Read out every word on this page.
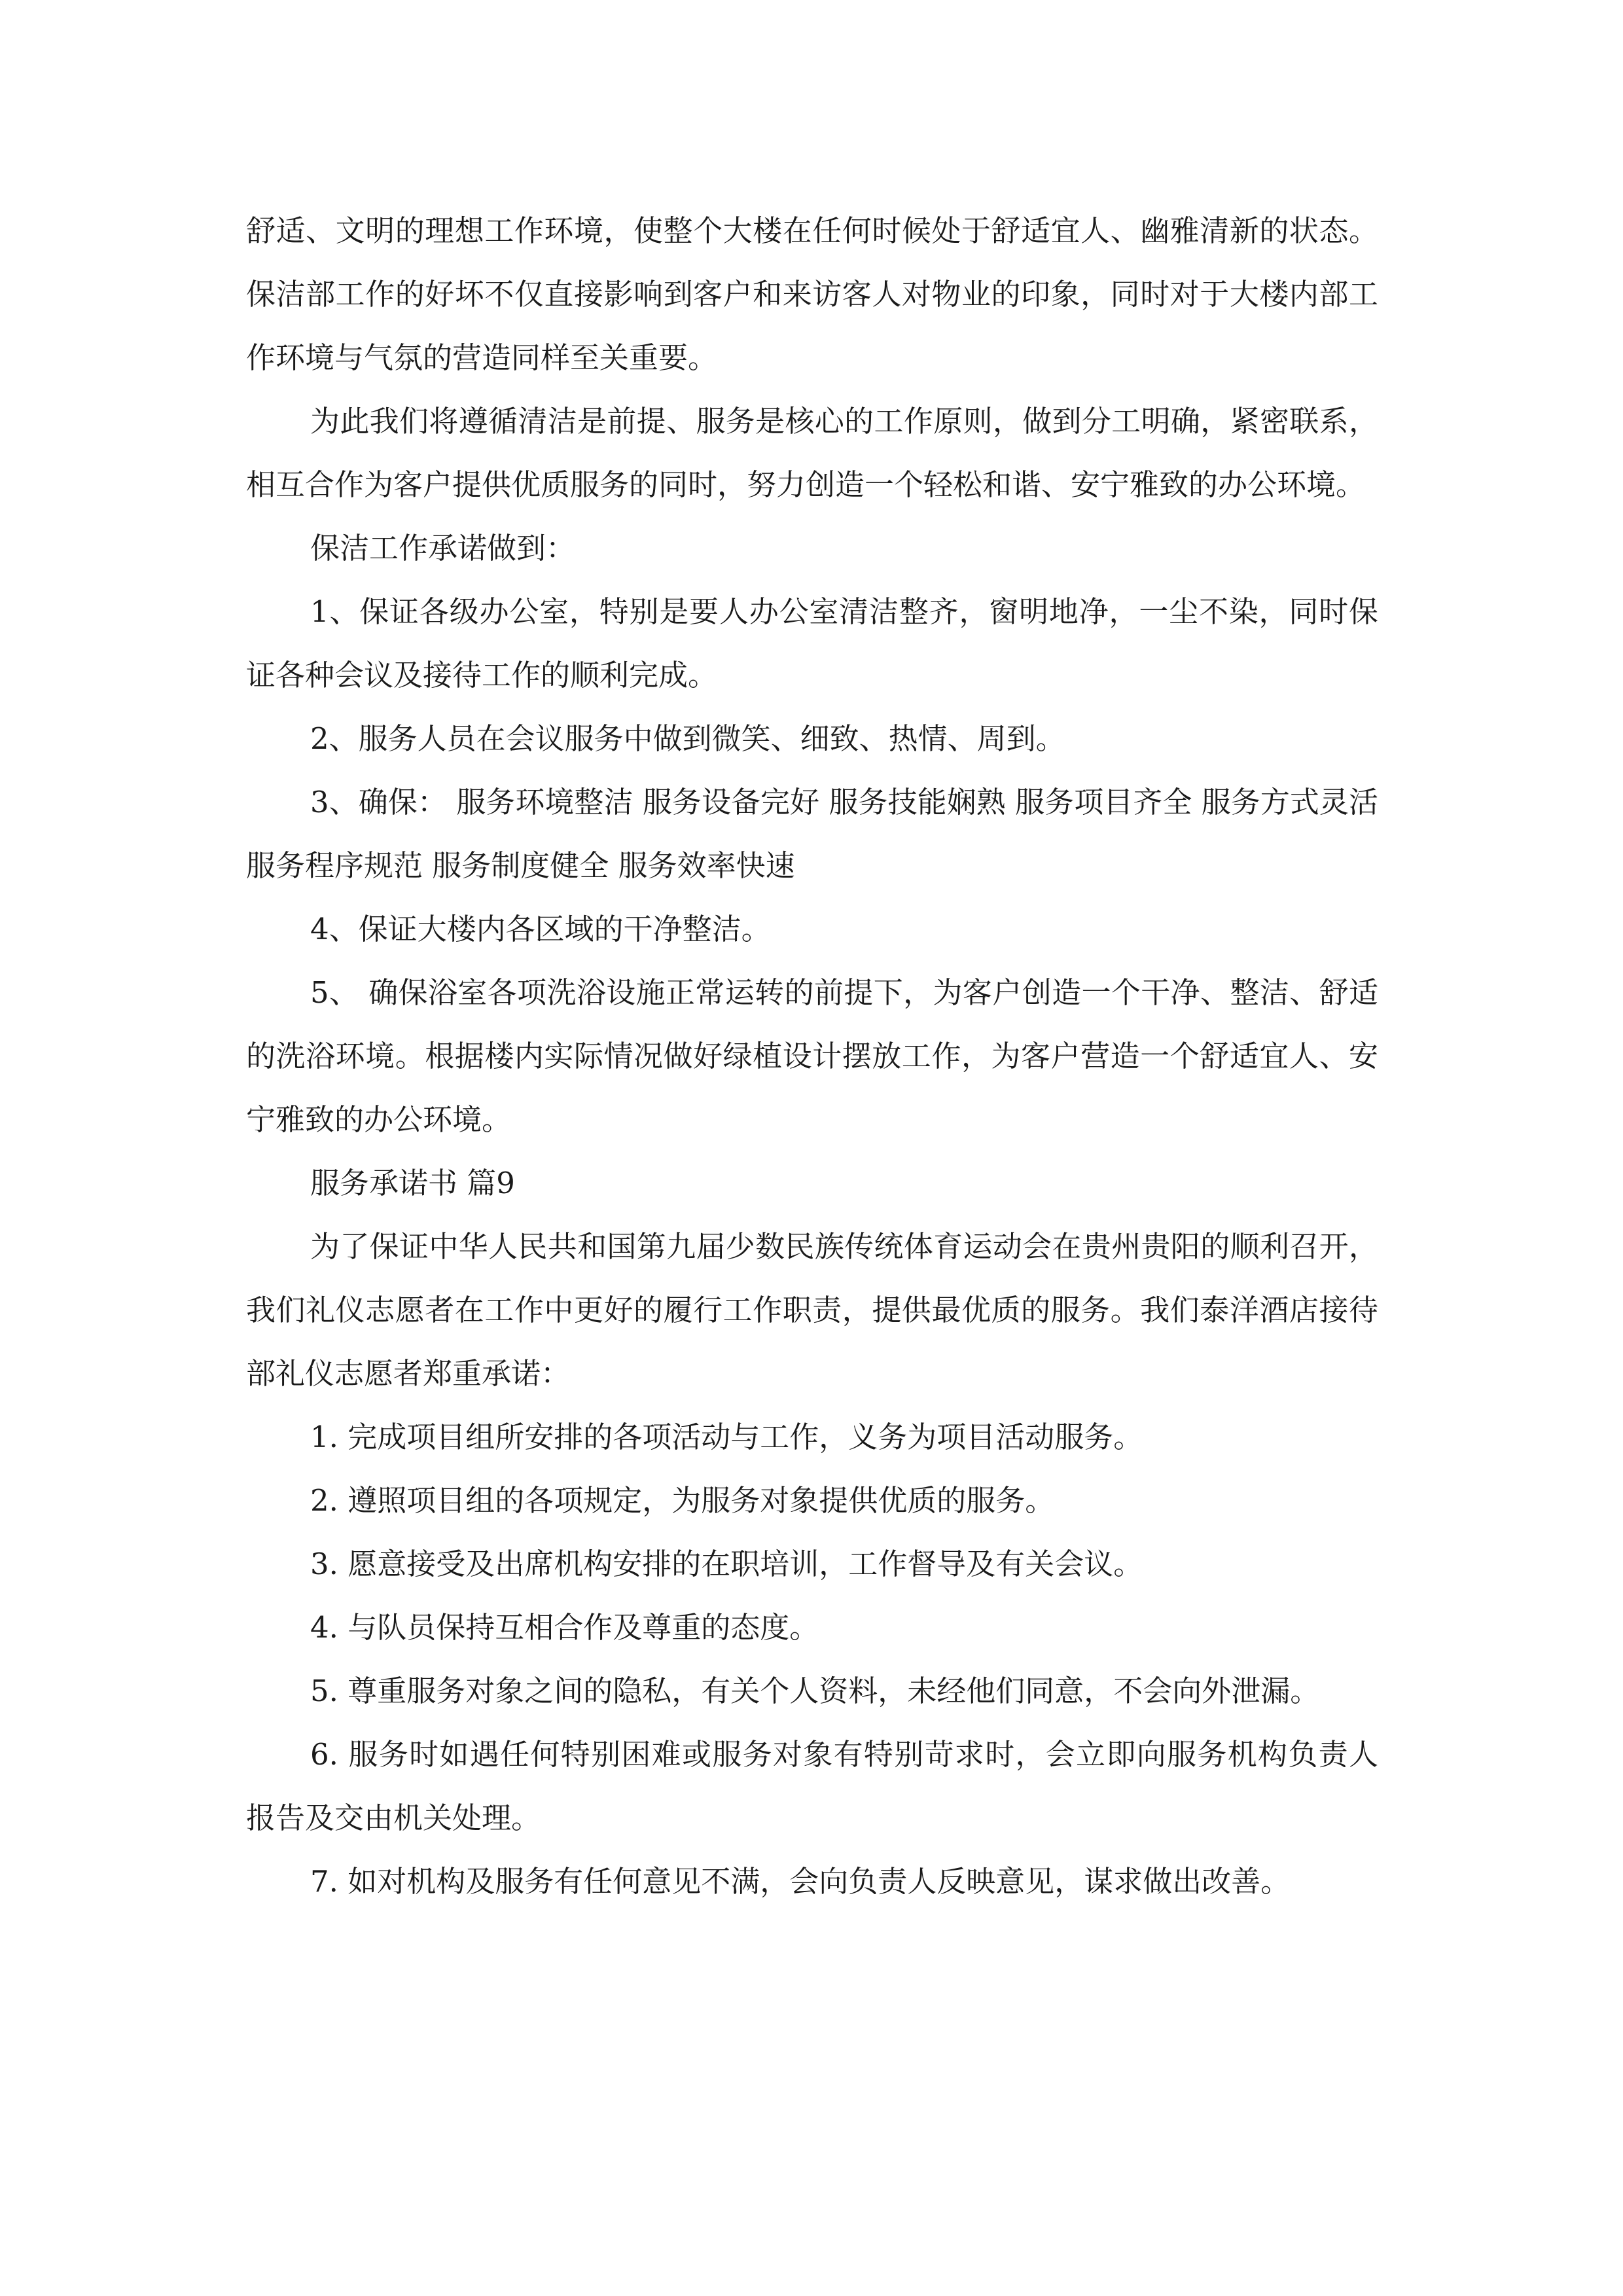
舒适、文明的理想工作环境，使整个大楼在任何时候处于舒适宜人、幽雅清新的状态。保洁部工作的好坏不仅直接影响到客户和来访客人对物业的印象，同时对于大楼内部工作环境与气氛的营造同样至关重要。

为此我们将遵循清洁是前提、服务是核心的工作原则，做到分工明确，紧密联系，相互合作为客户提供优质服务的同时，努力创造一个轻松和谐、安宁雅致的办公环境。

保洁工作承诺做到：

1、保证各级办公室，特别是要人办公室清洁整齐，窗明地净，一尘不染，同时保证各种会议及接待工作的顺利完成。

2、服务人员在会议服务中做到微笑、细致、热情、周到。

3、确保： 服务环境整洁 服务设备完好 服务技能娴熟 服务项目齐全 服务方式灵活 服务程序规范 服务制度健全 服务效率快速

4、保证大楼内各区域的干净整洁。

5、 确保浴室各项洗浴设施正常运转的前提下，为客户创造一个干净、整洁、舒适的洗浴环境。根据楼内实际情况做好绿植设计摆放工作，为客户营造一个舒适宜人、安宁雅致的办公环境。

服务承诺书 篇9

为了保证中华人民共和国第九届少数民族传统体育运动会在贵州贵阳的顺利召开，我们礼仪志愿者在工作中更好的履行工作职责，提供最优质的服务。我们泰洋酒店接待部礼仪志愿者郑重承诺：

1. 完成项目组所安排的各项活动与工作，义务为项目活动服务。

2. 遵照项目组的各项规定，为服务对象提供优质的服务。

3. 愿意接受及出席机构安排的在职培训，工作督导及有关会议。

4. 与队员保持互相合作及尊重的态度。

5. 尊重服务对象之间的隐私，有关个人资料，未经他们同意，不会向外泄漏。

6. 服务时如遇任何特别困难或服务对象有特别苛求时，会立即向服务机构负责人报告及交由机关处理。

7. 如对机构及服务有任何意见不满，会向负责人反映意见，谋求做出改善。
